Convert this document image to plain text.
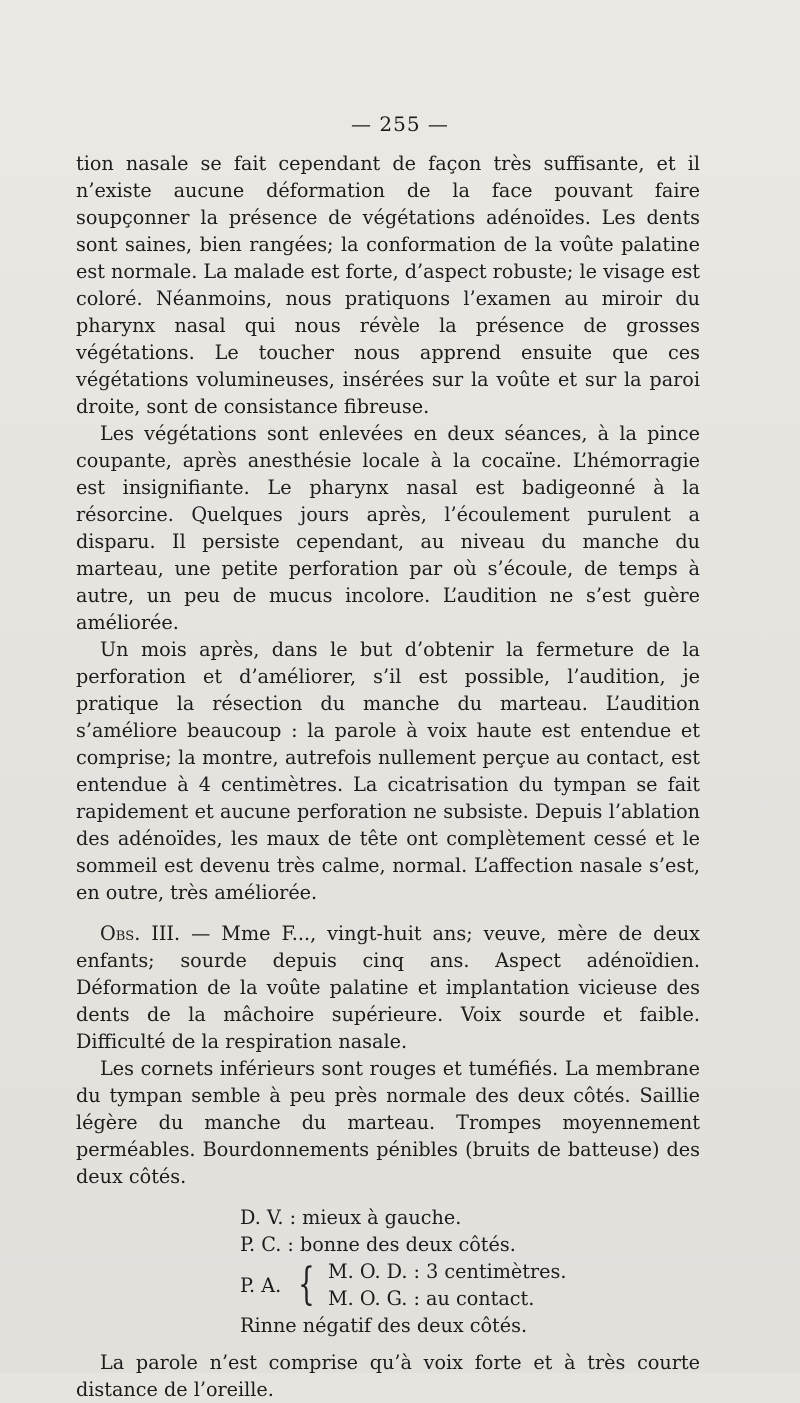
— 255 —

tion nasale se fait cependant de façon très suffisante, et il n’existe aucune déformation de la face pouvant faire soupçonner la présence de végétations adénoïdes. Les dents sont saines, bien rangées; la conformation de la voûte palatine est normale. La malade est forte, d’aspect robuste; le visage est coloré. Néanmoins, nous pratiquons l’examen au miroir du pharynx nasal qui nous révèle la présence de grosses végétations. Le toucher nous apprend ensuite que ces végétations volumineuses, insérées sur la voûte et sur la paroi droite, sont de consistance fibreuse.

Les végétations sont enlevées en deux séances, à la pince coupante, après anesthésie locale à la cocaïne. L’hémorragie est insignifiante. Le pharynx nasal est badigeonné à la résorcine. Quelques jours après, l’écoulement purulent a disparu. Il persiste cependant, au niveau du manche du marteau, une petite perforation par où s’écoule, de temps à autre, un peu de mucus incolore. L’audition ne s’est guère améliorée.

Un mois après, dans le but d’obtenir la fermeture de la perforation et d’améliorer, s’il est possible, l’audition, je pratique la résection du manche du marteau. L’audition s’améliore beaucoup : la parole à voix haute est entendue et comprise; la montre, autrefois nullement perçue au contact, est entendue à 4 centimètres. La cicatrisation du tympan se fait rapidement et aucune perforation ne subsiste. Depuis l’ablation des adénoïdes, les maux de tête ont complètement cessé et le sommeil est devenu très calme, normal. L’affection nasale s’est, en outre, très améliorée.

Obs. III. — Mme F..., vingt-huit ans; veuve, mère de deux enfants; sourde depuis cinq ans. Aspect adénoïdien. Déformation de la voûte palatine et implantation vicieuse des dents de la mâchoire supérieure. Voix sourde et faible. Difficulté de la respiration nasale.

Les cornets inférieurs sont rouges et tuméfiés. La membrane du tympan semble à peu près normale des deux côtés. Saillie légère du manche du marteau. Trompes moyennement perméables. Bourdonnements pénibles (bruits de batteuse) des deux côtés.

D. V. : mieux à gauche.
P. C. : bonne des deux côtés.
P. A. { M. O. D. : 3 centimètres.
M. O. G. : au contact.
Rinne négatif des deux côtés.

La parole n’est comprise qu’à voix forte et à très courte distance de l’oreille.
